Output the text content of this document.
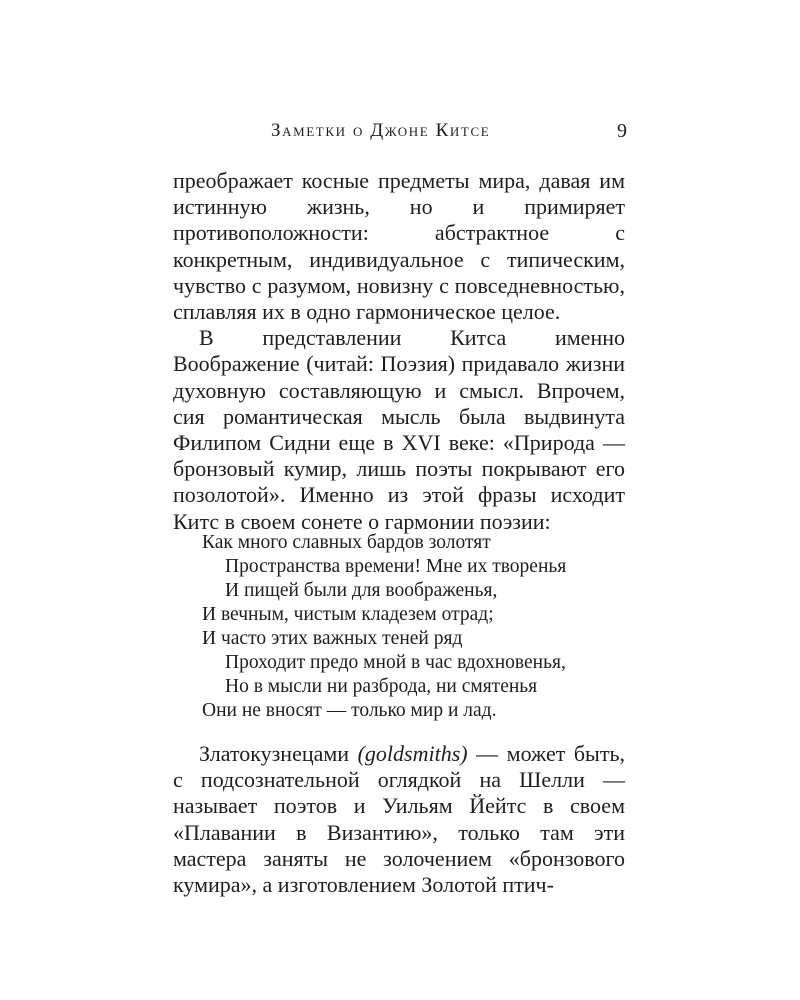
Заметки о Джоне Китсе	9

преображает косные предметы мира, давая им истинную жизнь, но и примиряет противоположности: абстрактное с конкретным, индивидуальное с типическим, чувство с разумом, новизну с повседневностью, сплавляя их в одно гармоническое целое.

В представлении Китса именно Воображение (читай: Поэзия) придавало жизни духовную составляющую и смысл. Впрочем, сия романтическая мысль была выдвинута Филипом Сидни еще в XVI веке: «Природа — бронзовый кумир, лишь поэты покрывают его позолотой». Именно из этой фразы исходит Китс в своем сонете о гармонии поэзии:

Как много славных бардов золотят
Пространства времени! Мне их творенья
И пищей были для воображенья,
И вечным, чистым кладезем отрад;
И часто этих важных теней ряд
Проходит предо мной в час вдохновенья,
Но в мысли ни разброда, ни смятенья
Они не вносят — только мир и лад.

Златокузнецами (goldsmiths) — может быть, с подсознательной оглядкой на Шелли — называет поэтов и Уильям Йейтс в своем «Плавании в Византию», только там эти мастера заняты не золочением «бронзового кумира», а изготовлением Золотой птич-
